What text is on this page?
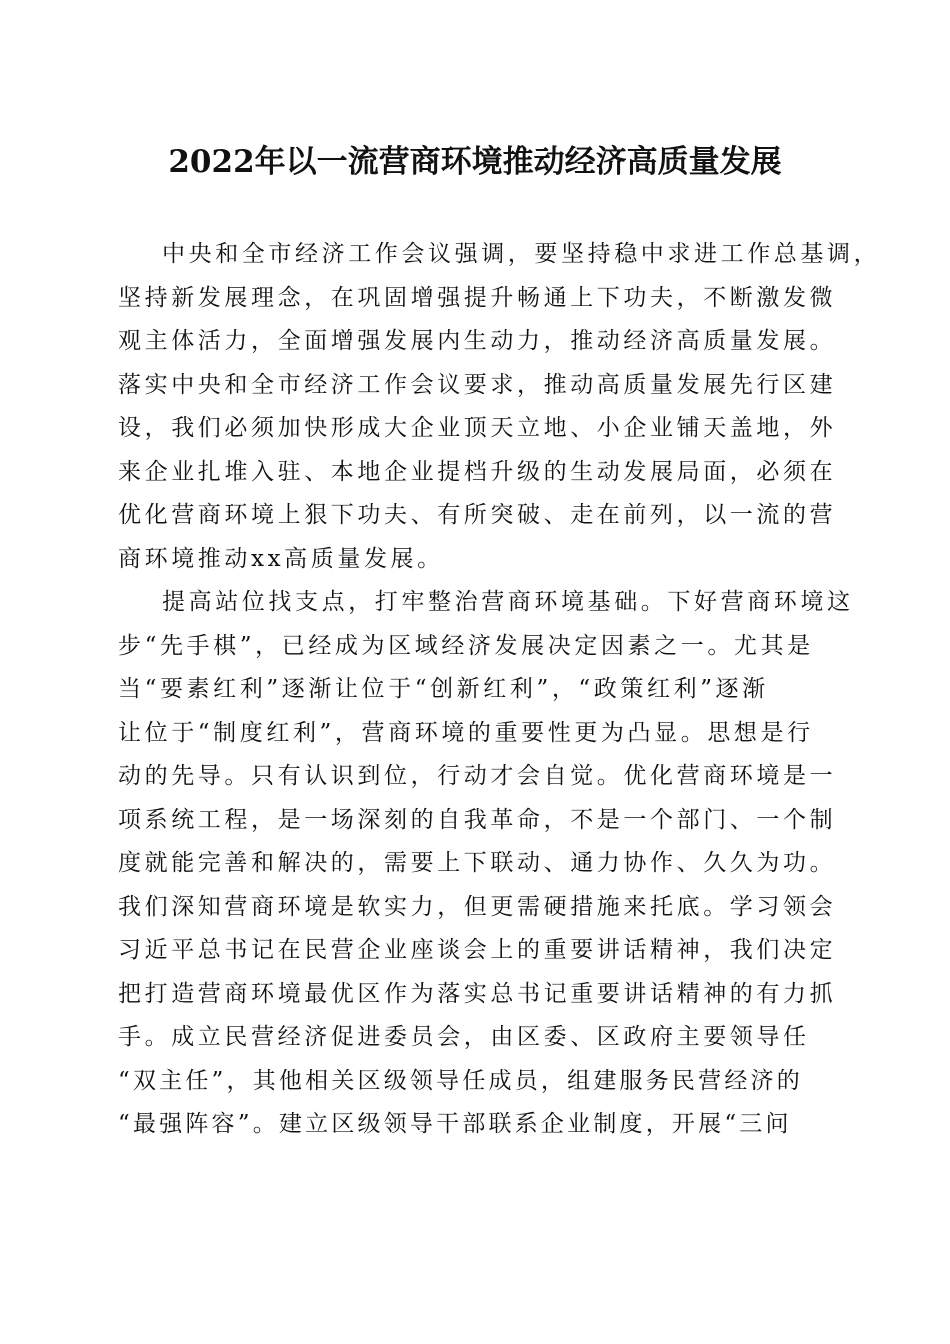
2022年以一流营商环境推动经济高质量发展
中央和全市经济工作会议强调，要坚持稳中求进工作总基调，
坚持新发展理念，在巩固增强提升畅通上下功夫，不断激发微
观主体活力，全面增强发展内生动力，推动经济高质量发展。
落实中央和全市经济工作会议要求，推动高质量发展先行区建
设，我们必须加快形成大企业顶天立地、小企业铺天盖地，外
来企业扎堆入驻、本地企业提档升级的生动发展局面，必须在
优化营商环境上狠下功夫、有所突破、走在前列，以一流的营
商环境推动xx高质量发展。
提高站位找支点，打牢整治营商环境基础。下好营商环境这
步“先手棋”，已经成为区域经济发展决定因素之一。尤其是
当“要素红利”逐渐让位于“创新红利”，“政策红利”逐渐
让位于“制度红利”，营商环境的重要性更为凸显。思想是行
动的先导。只有认识到位，行动才会自觉。优化营商环境是一
项系统工程，是一场深刻的自我革命，不是一个部门、一个制
度就能完善和解决的，需要上下联动、通力协作、久久为功。
我们深知营商环境是软实力，但更需硬措施来托底。学习领会
习近平总书记在民营企业座谈会上的重要讲话精神，我们决定
把打造营商环境最优区作为落实总书记重要讲话精神的有力抓
手。成立民营经济促进委员会，由区委、区政府主要领导任
“双主任”，其他相关区级领导任成员，组建服务民营经济的
“最强阵容”。建立区级领导干部联系企业制度，开展“三问
